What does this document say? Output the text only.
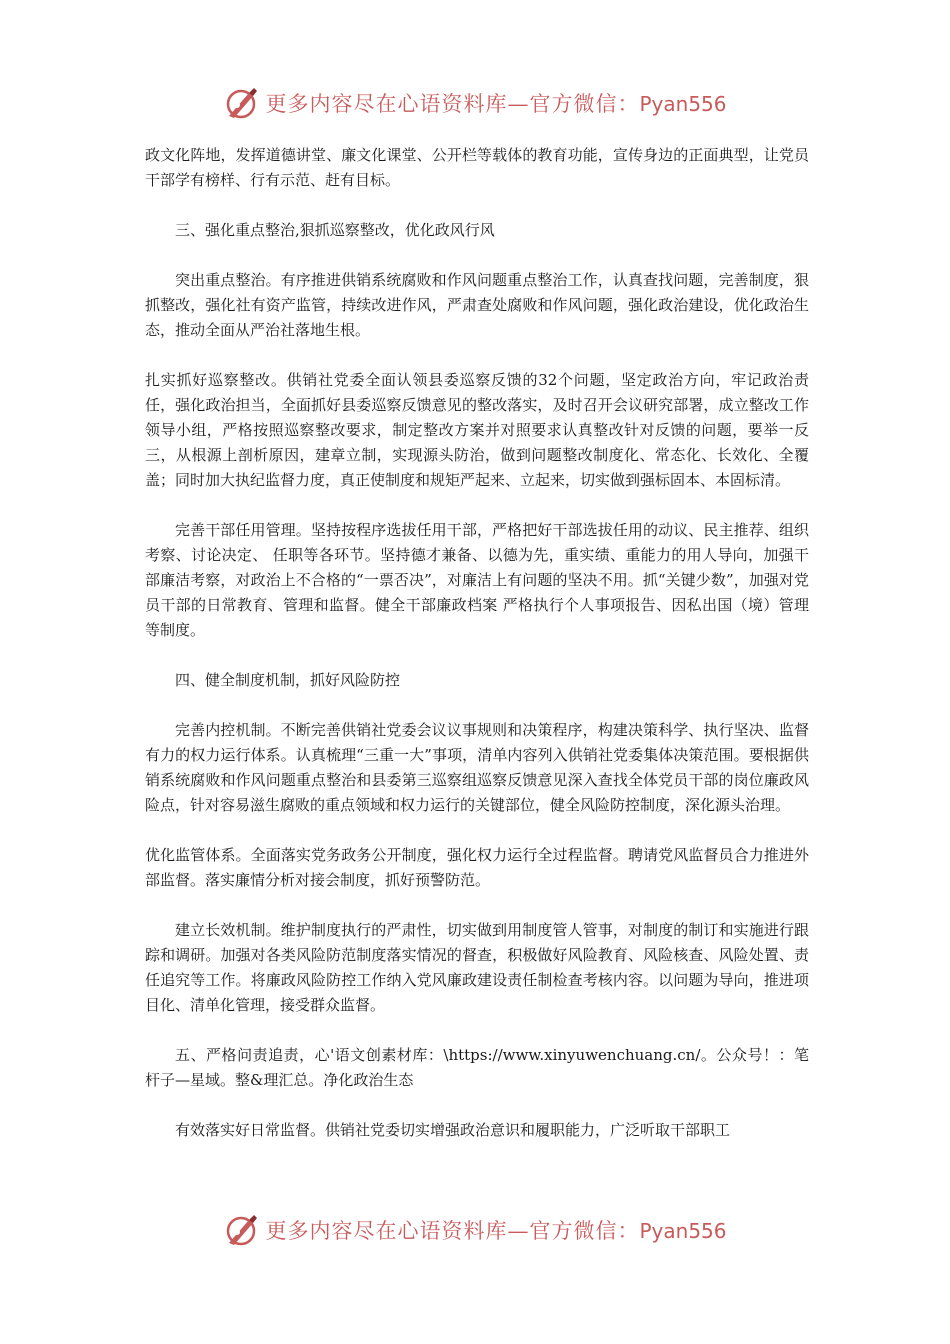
更多内容尽在心语资料库—官方微信：Pyan556

政文化阵地，发挥道德讲堂、廉文化课堂、公开栏等载体的教育功能，宣传身边的正面典型，让党员干部学有榜样、行有示范、赶有目标。

三、强化重点整治,狠抓巡察整改，优化政风行风

突出重点整治。有序推进供销系统腐败和作风问题重点整治工作，认真查找问题，完善制度，狠抓整改，强化社有资产监管，持续改进作风，严肃查处腐败和作风问题，强化政治建设，优化政治生态，推动全面从严治社落地生根。

扎实抓好巡察整改。供销社党委全面认领县委巡察反馈的32个问题，坚定政治方向，牢记政治责任，强化政治担当，全面抓好县委巡察反馈意见的整改落实，及时召开会议研究部署，成立整改工作领导小组，严格按照巡察整改要求，制定整改方案并对照要求认真整改针对反馈的问题，要举一反三，从根源上剖析原因，建章立制，实现源头防治，做到问题整改制度化、常态化、长效化、全覆盖；同时加大执纪监督力度，真正使制度和规矩严起来、立起来，切实做到强标固本、本固标清。

完善干部任用管理。坚持按程序选拔任用干部，严格把好干部选拔任用的动议、民主推荐、组织考察、讨论决定、 任职等各环节。坚持德才兼备、以德为先，重实绩、重能力的用人导向，加强干部廉洁考察，对政治上不合格的“一票否决”，对廉洁上有问题的坚决不用。抓“关键少数”，加强对党员干部的日常教育、管理和监督。健全干部廉政档案 严格执行个人事项报告、因私出国（境）管理等制度。

四、健全制度机制，抓好风险防控

完善内控机制。不断完善供销社党委会议议事规则和决策程序，构建决策科学、执行坚决、监督有力的权力运行体系。认真梳理“三重一大”事项，清单内容列入供销社党委集体决策范围。要根据供销系统腐败和作风问题重点整治和县委第三巡察组巡察反馈意见深入查找全体党员干部的岗位廉政风险点，针对容易滋生腐败的重点领域和权力运行的关键部位，健全风险防控制度，深化源头治理。

优化监管体系。全面落实党务政务公开制度，强化权力运行全过程监督。聘请党风监督员合力推进外部监督。落实廉情分析对接会制度，抓好预警防范。

建立长效机制。维护制度执行的严肃性，切实做到用制度管人管事，对制度的制订和实施进行跟踪和调研。加强对各类风险防范制度落实情况的督查，积极做好风险教育、风险核查、风险处置、责任追究等工作。将廉政风险防控工作纳入党风廉政建设责任制检查考核内容。以问题为导向，推进项目化、清单化管理，接受群众监督。

五、严格问责追责，心'语文创素材库：\https://www.xinyuwenchuang.cn/。公众号！：笔杆子—星域。整&理汇总。净化政治生态

有效落实好日常监督。供销社党委切实增强政治意识和履职能力，广泛听取干部职工

更多内容尽在心语资料库—官方微信：Pyan556
